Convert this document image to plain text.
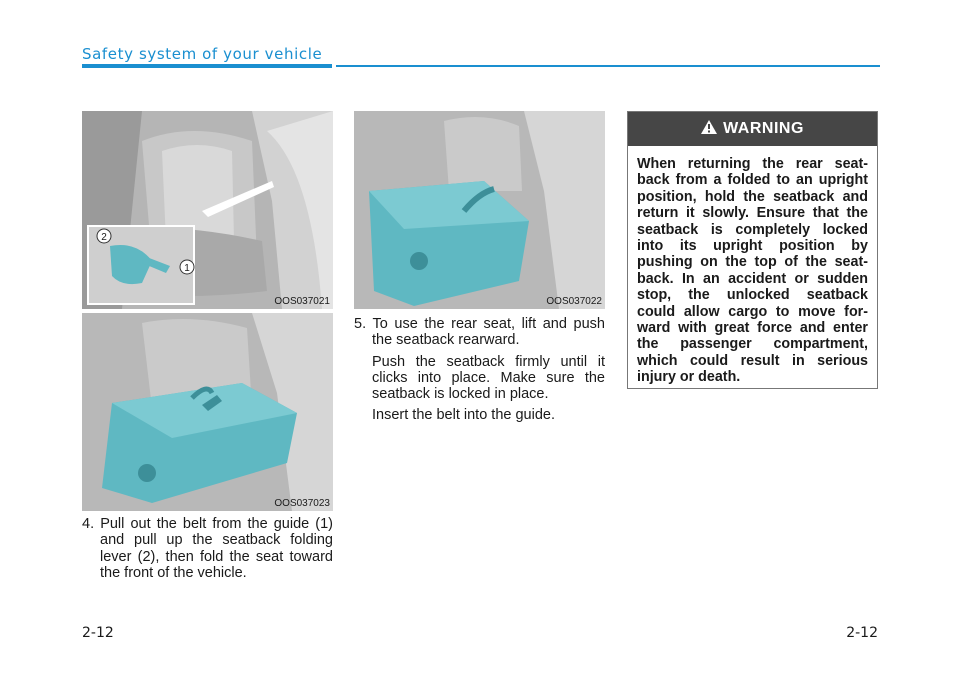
Safety system of your vehicle
2
1
OOS037021
OOS037023
OOS037022

4. Pull out the belt from the guide (1) and pull up the seatback folding lever (2), then fold the seat toward the front of the vehicle.

5. To use the rear seat, lift and push the seatback rearward.

Push the seatback firmly until it clicks into place. Make sure the seatback is locked in place.

Insert the belt into the guide.

WARNING
When returning the rear seat-back from a folded to an upright position, hold the seatback and return it slowly. Ensure that the seatback is completely locked into its upright position by pushing on the top of the seat-back. In an accident or sudden stop, the unlocked seatback could allow cargo to move for-ward with great force and enter the passenger compartment, which could result in serious injury or death.
2-12	2-12
